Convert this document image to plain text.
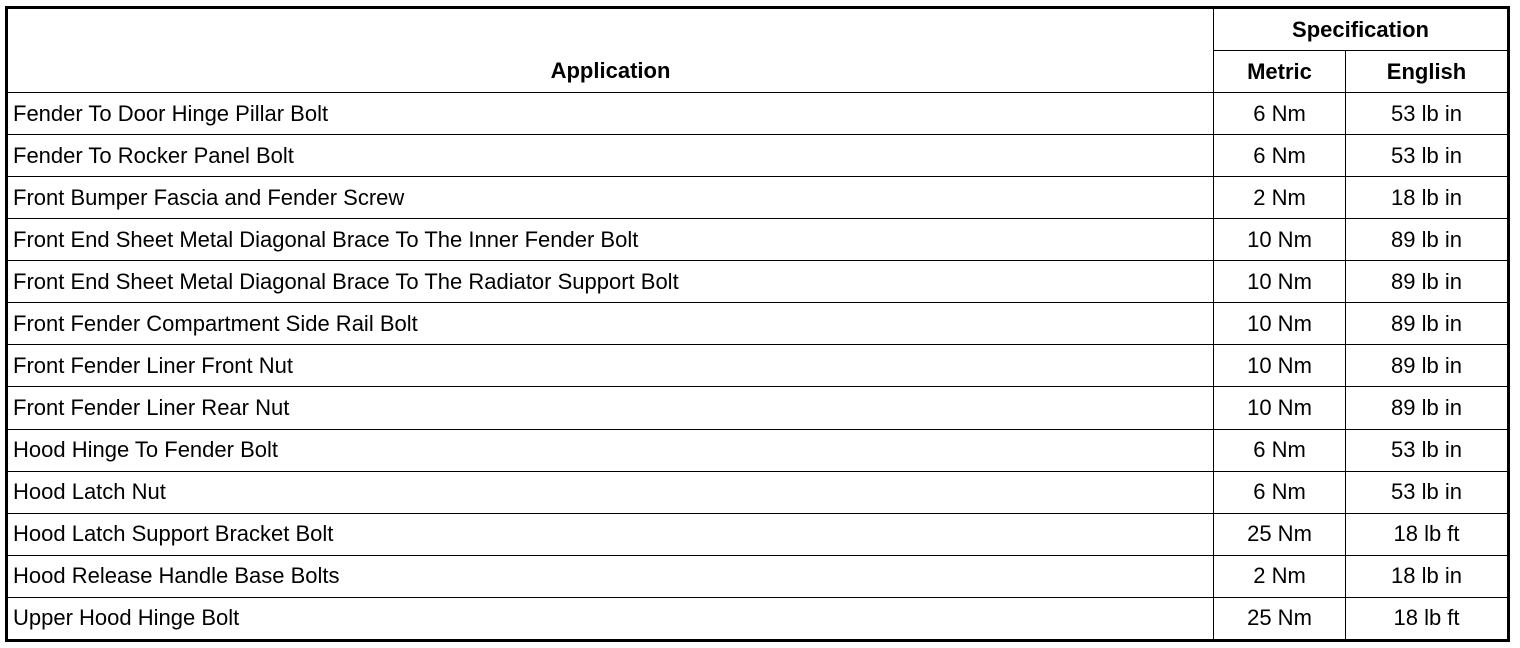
Application	Specification	
	Metric	English
Fender To Door Hinge Pillar Bolt	6 Nm	53 lb in
Fender To Rocker Panel Bolt	6 Nm	53 lb in
Front Bumper Fascia and Fender Screw	2 Nm	18 lb in
Front End Sheet Metal Diagonal Brace To The Inner Fender Bolt	10 Nm	89 lb in
Front End Sheet Metal Diagonal Brace To The Radiator Support Bolt	10 Nm	89 lb in
Front Fender Compartment Side Rail Bolt	10 Nm	89 lb in
Front Fender Liner Front Nut	10 Nm	89 lb in
Front Fender Liner Rear Nut	10 Nm	89 lb in
Hood Hinge To Fender Bolt	6 Nm	53 lb in
Hood Latch Nut	6 Nm	53 lb in
Hood Latch Support Bracket Bolt	25 Nm	18 lb ft
Hood Release Handle Base Bolts	2 Nm	18 lb in
Upper Hood Hinge Bolt	25 Nm	18 lb ft
